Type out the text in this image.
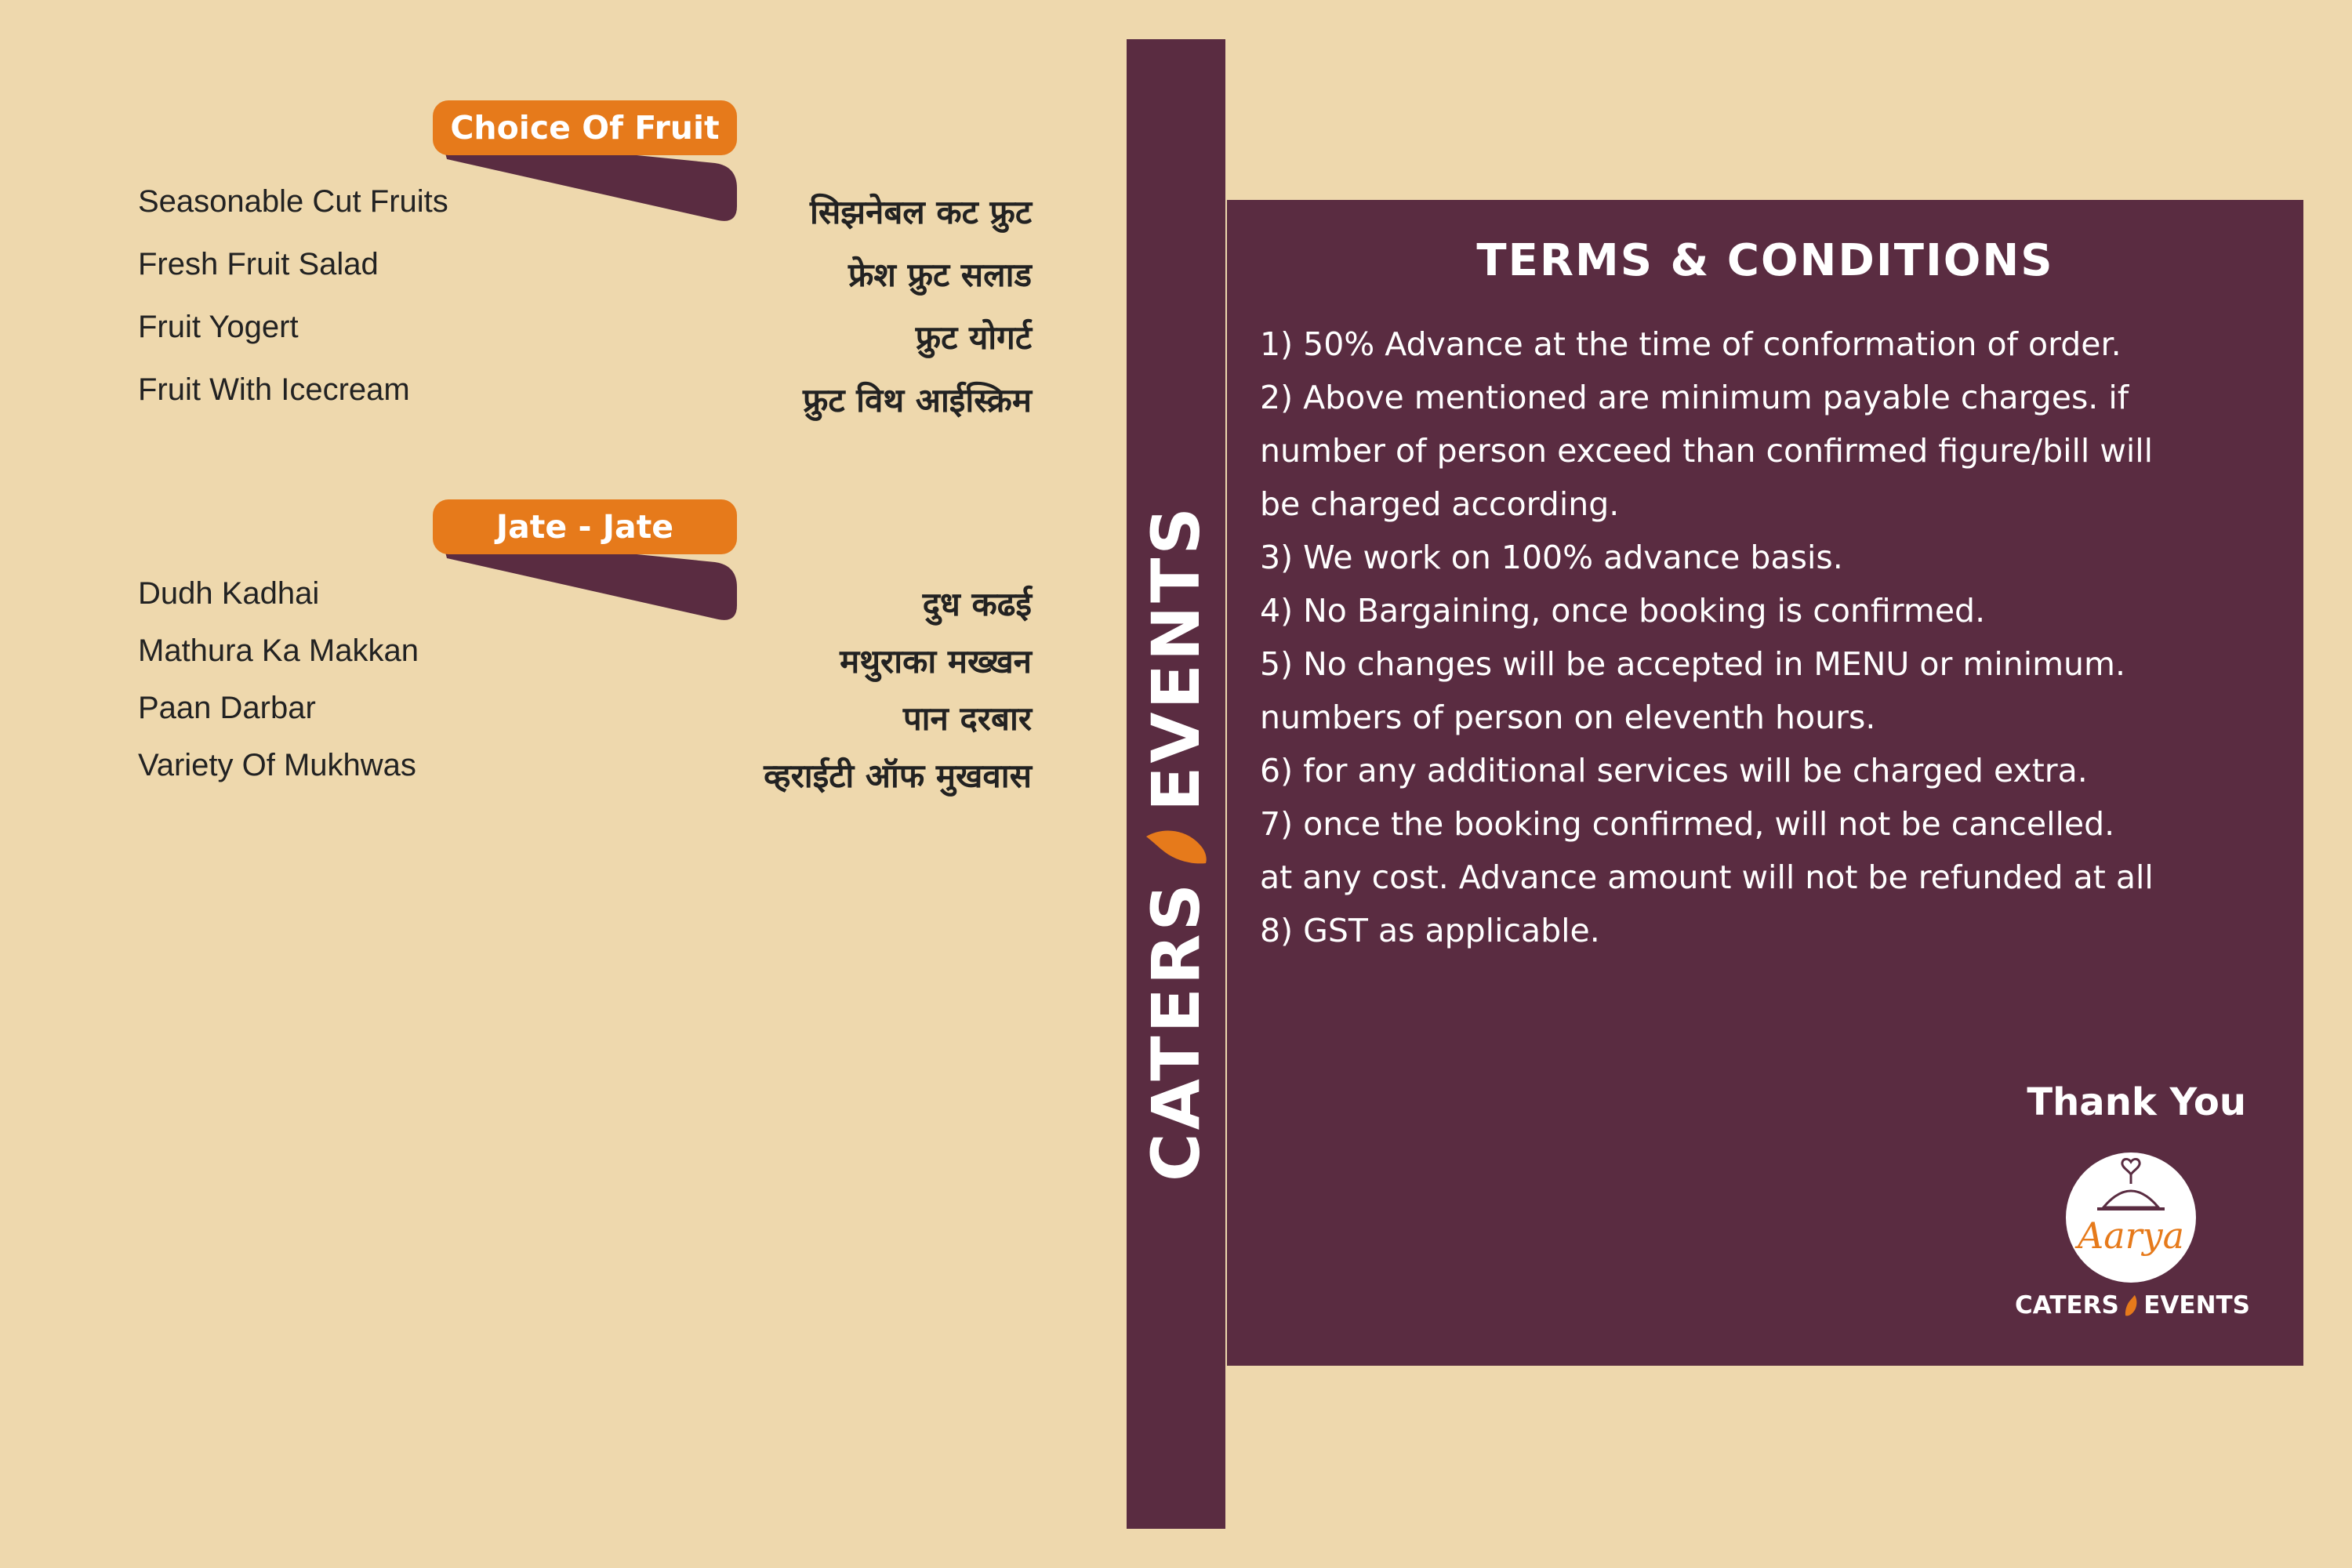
Choice Of Fruit
Seasonable Cut Fruits	सिझनेबल कट फ्रुट
Fresh Fruit Salad	फ्रेश फ्रुट सलाड
Fruit Yogert	फ्रुट योगर्ट
Fruit With Icecream	फ्रुट विथ आईस्क्रिम
Jate - Jate
Dudh Kadhai	दुध कढई
Mathura Ka Makkan	मथुराका मख्खन
Paan Darbar	पान दरबार
Variety Of Mukhwas	व्हराईटी ऑफ मुखवास
CATERS
EVENTS
TERMS & CONDITIONS
1) 50% Advance at the time of conformation of order.
2) Above mentioned are minimum payable charges. if
number of person exceed than confirmed figure/bill will
be charged according.
3) We work on 100% advance basis.
4) No Bargaining, once booking is confirmed.
5) No changes will be accepted in MENU or minimum.
numbers of person on eleventh hours.
6) for any additional services will be charged extra.
7) once the booking confirmed, will not be cancelled.
at any cost. Advance amount will not be refunded at all
8) GST as applicable.
Thank You
Aarya
CATERS EVENTS
